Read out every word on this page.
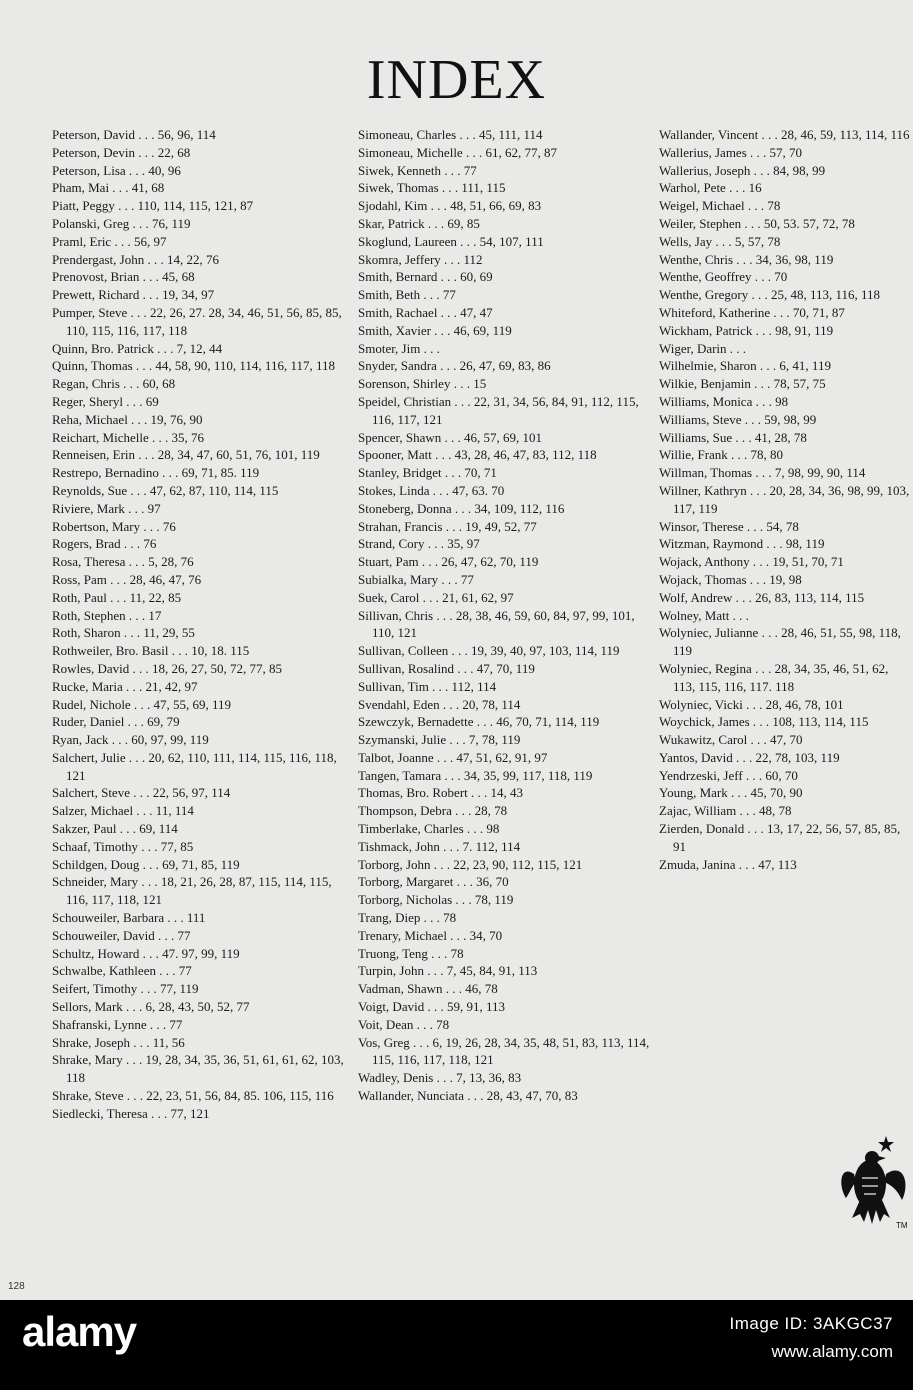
INDEX

Peterson, David . . . 56, 96, 114

Peterson, Devin . . . 22, 68

Peterson, Lisa . . . 40, 96

Pham, Mai . . . 41, 68

Piatt, Peggy . . . 110, 114, 115, 121, 87

Polanski, Greg . . . 76, 119

Praml, Eric . . . 56, 97

Prendergast, John . . . 14, 22, 76

Prenovost, Brian . . . 45, 68

Prewett, Richard . . . 19, 34, 97

Pumper, Steve . . . 22, 26, 27. 28, 34, 46, 51, 56, 85, 85, 110, 115, 116, 117, 118

Quinn, Bro. Patrick . . . 7, 12, 44

Quinn, Thomas . . . 44, 58, 90, 110, 114, 116, 117, 118

Regan, Chris . . . 60, 68

Reger, Sheryl . . . 69

Reha, Michael . . . 19, 76, 90

Reichart, Michelle . . . 35, 76

Renneisen, Erin . . . 28, 34, 47, 60, 51, 76, 101, 119

Restrepo, Bernadino . . . 69, 71, 85. 119

Reynolds, Sue . . . 47, 62, 87, 110, 114, 115

Riviere, Mark . . . 97

Robertson, Mary . . . 76

Rogers, Brad . . . 76

Rosa, Theresa . . . 5, 28, 76

Ross, Pam . . . 28, 46, 47, 76

Roth, Paul . . . 11, 22, 85

Roth, Stephen . . . 17

Roth, Sharon . . . 11, 29, 55

Rothweiler, Bro. Basil . . . 10, 18. 115

Rowles, David . . . 18, 26, 27, 50, 72, 77, 85

Rucke, Maria . . . 21, 42, 97

Rudel, Nichole . . . 47, 55, 69, 119

Ruder, Daniel . . . 69, 79

Ryan, Jack . . . 60, 97, 99, 119

Salchert, Julie . . . 20, 62, 110, 111, 114, 115, 116, 118, 121

Salchert, Steve . . . 22, 56, 97, 114

Salzer, Michael . . . 11, 114

Sakzer, Paul . . . 69, 114

Schaaf, Timothy . . . 77, 85

Schildgen, Doug . . . 69, 71, 85, 119

Schneider, Mary . . . 18, 21, 26, 28, 87, 115, 114, 115, 116, 117, 118, 121

Schouweiler, Barbara . . . 111

Schouweiler, David . . . 77

Schultz, Howard . . . 47. 97, 99, 119

Schwalbe, Kathleen . . . 77

Seifert, Timothy . . . 77, 119

Sellors, Mark . . . 6, 28, 43, 50, 52, 77

Shafranski, Lynne . . . 77

Shrake, Joseph . . . 11, 56

Shrake, Mary . . . 19, 28, 34, 35, 36, 51, 61, 61, 62, 103, 118

Shrake, Steve . . . 22, 23, 51, 56, 84, 85. 106, 115, 116

Siedlecki, Theresa . . . 77, 121

Simoneau, Charles . . . 45, 111, 114

Simoneau, Michelle . . . 61, 62, 77, 87

Siwek, Kenneth . . . 77

Siwek, Thomas . . . 111, 115

Sjodahl, Kim . . . 48, 51, 66, 69, 83

Skar, Patrick . . . 69, 85

Skoglund, Laureen . . . 54, 107, 111

Skomra, Jeffery . . . 112

Smith, Bernard . . . 60, 69

Smith, Beth . . . 77

Smith, Rachael . . . 47, 47

Smith, Xavier . . . 46, 69, 119

Smoter, Jim . . .

Snyder, Sandra . . . 26, 47, 69, 83, 86

Sorenson, Shirley . . . 15

Speidel, Christian . . . 22, 31, 34, 56, 84, 91, 112, 115, 116, 117, 121

Spencer, Shawn . . . 46, 57, 69, 101

Spooner, Matt . . . 43, 28, 46, 47, 83, 112, 118

Stanley, Bridget . . . 70, 71

Stokes, Linda . . . 47, 63. 70

Stoneberg, Donna . . . 34, 109, 112, 116

Strahan, Francis . . . 19, 49, 52, 77

Strand, Cory . . . 35, 97

Stuart, Pam . . . 26, 47, 62, 70, 119

Subialka, Mary . . . 77

Suek, Carol . . . 21, 61, 62, 97

Sillivan, Chris . . . 28, 38, 46, 59, 60, 84, 97, 99, 101, 110, 121

Sullivan, Colleen . . . 19, 39, 40, 97, 103, 114, 119

Sullivan, Rosalind . . . 47, 70, 119

Sullivan, Tim . . . 112, 114

Svendahl, Eden . . . 20, 78, 114

Szewczyk, Bernadette . . . 46, 70, 71, 114, 119

Szymanski, Julie . . . 7, 78, 119

Talbot, Joanne . . . 47, 51, 62, 91, 97

Tangen, Tamara . . . 34, 35, 99, 117, 118, 119

Thomas, Bro. Robert . . . 14, 43

Thompson, Debra . . . 28, 78

Timberlake, Charles . . . 98

Tishmack, John . . . 7. 112, 114

Torborg, John . . . 22, 23, 90, 112, 115, 121

Torborg, Margaret . . . 36, 70

Torborg, Nicholas . . . 78, 119

Trang, Diep . . . 78

Trenary, Michael . . . 34, 70

Truong, Teng . . . 78

Turpin, John . . . 7, 45, 84, 91, 113

Vadman, Shawn . . . 46, 78

Voigt, David . . . 59, 91, 113

Voit, Dean . . . 78

Vos, Greg . . . 6, 19, 26, 28, 34, 35, 48, 51, 83, 113, 114, 115, 116, 117, 118, 121

Wadley, Denis . . . 7, 13, 36, 83

Wallander, Nunciata . . . 28, 43, 47, 70, 83

Wallander, Vincent . . . 28, 46, 59, 113, 114, 116

Wallerius, James . . . 57, 70

Wallerius, Joseph . . . 84, 98, 99

Warhol, Pete . . . 16

Weigel, Michael . . . 78

Weiler, Stephen . . . 50, 53. 57, 72, 78

Wells, Jay . . . 5, 57, 78

Wenthe, Chris . . . 34, 36, 98, 119

Wenthe, Geoffrey . . . 70

Wenthe, Gregory . . . 25, 48, 113, 116, 118

Whiteford, Katherine . . . 70, 71, 87

Wickham, Patrick . . . 98, 91, 119

Wiger, Darin . . .

Wilhelmie, Sharon . . . 6, 41, 119

Wilkie, Benjamin . . . 78, 57, 75

Williams, Monica . . . 98

Williams, Steve . . . 59, 98, 99

Williams, Sue . . . 41, 28, 78

Willie, Frank . . . 78, 80

Willman, Thomas . . . 7, 98, 99, 90, 114

Willner, Kathryn . . . 20, 28, 34, 36, 98, 99, 103, 117, 119

Winsor, Therese . . . 54, 78

Witzman, Raymond . . . 98, 119

Wojack, Anthony . . . 19, 51, 70, 71

Wojack, Thomas . . . 19, 98

Wolf, Andrew . . . 26, 83, 113, 114, 115

Wolney, Matt . . .

Wolyniec, Julianne . . . 28, 46, 51, 55, 98, 118, 119

Wolyniec, Regina . . . 28, 34, 35, 46, 51, 62, 113, 115, 116, 117. 118

Wolyniec, Vicki . . . 28, 46, 78, 101

Woychick, James . . . 108, 113, 114, 115

Wukawitz, Carol . . . 47, 70

Yantos, David . . . 22, 78, 103, 119

Yendrzeski, Jeff . . . 60, 70

Young, Mark . . . 45, 70, 90

Zajac, William . . . 48, 78

Zierden, Donald . . . 13, 17, 22, 56, 57, 85, 85, 91

Zmuda, Janina . . . 47, 113

128
TM
alamy	Image ID: 3AKGC37
www.alamy.com
